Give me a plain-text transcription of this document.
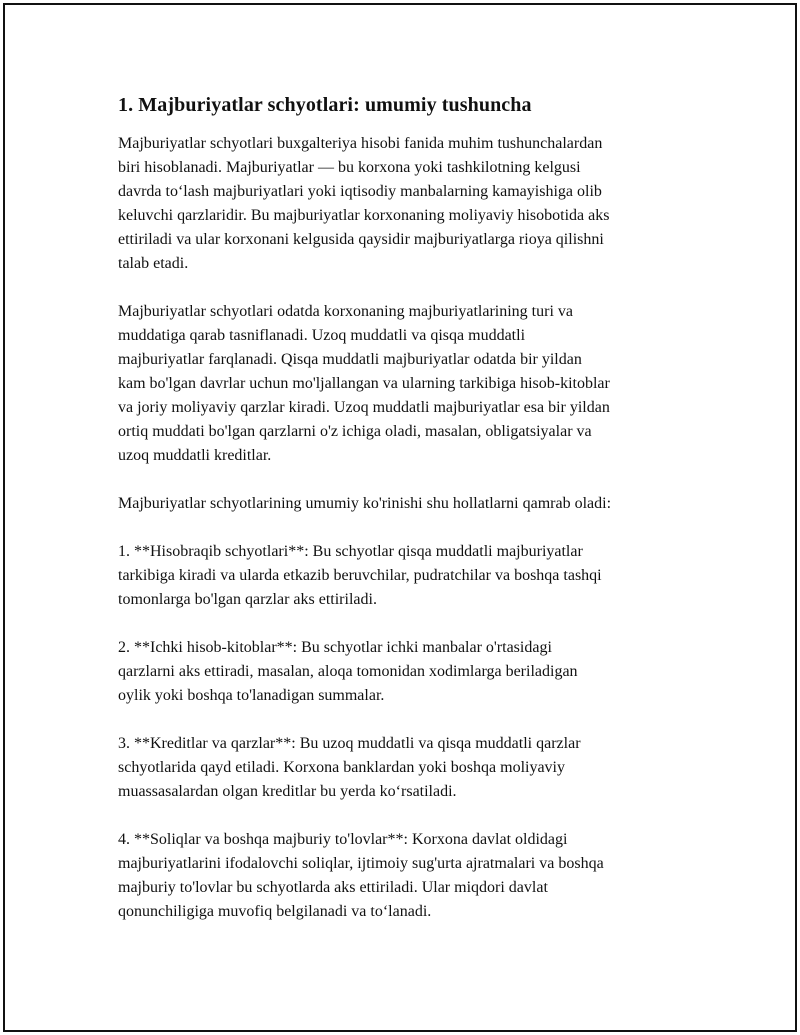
1. Majburiyatlar schyotlari: umumiy tushuncha

Majburiyatlar schyotlari buxgalteriya hisobi fanida muhim tushunchalardan
biri hisoblanadi. Majburiyatlar — bu korxona yoki tashkilotning kelgusi
davrda to‘lash majburiyatlari yoki iqtisodiy manbalarning kamayishiga olib
keluvchi qarzlaridir. Bu majburiyatlar korxonaning moliyaviy hisobotida aks
ettiriladi va ular korxonani kelgusida qaysidir majburiyatlarga rioya qilishni
talab etadi.

Majburiyatlar schyotlari odatda korxonaning majburiyatlarining turi va
muddatiga qarab tasniflanadi. Uzoq muddatli va qisqa muddatli
majburiyatlar farqlanadi. Qisqa muddatli majburiyatlar odatda bir yildan
kam bo'lgan davrlar uchun mo'ljallangan va ularning tarkibiga hisob-kitoblar
va joriy moliyaviy qarzlar kiradi. Uzoq muddatli majburiyatlar esa bir yildan
ortiq muddati bo'lgan qarzlarni o'z ichiga oladi, masalan, obligatsiyalar va
uzoq muddatli kreditlar.

Majburiyatlar schyotlarining umumiy ko'rinishi shu hollatlarni qamrab oladi:

1. **Hisobraqib schyotlari**: Bu schyotlar qisqa muddatli majburiyatlar
tarkibiga kiradi va ularda etkazib beruvchilar, pudratchilar va boshqa tashqi
tomonlarga bo'lgan qarzlar aks ettiriladi.

2. **Ichki hisob-kitoblar**: Bu schyotlar ichki manbalar o'rtasidagi
qarzlarni aks ettiradi, masalan, aloqa tomonidan xodimlarga beriladigan
oylik yoki boshqa to'lanadigan summalar.

3. **Kreditlar va qarzlar**: Bu uzoq muddatli va qisqa muddatli qarzlar
schyotlarida qayd etiladi. Korxona banklardan yoki boshqa moliyaviy
muassasalardan olgan kreditlar bu yerda ko‘rsatiladi.

4. **Soliqlar va boshqa majburiy to'lovlar**: Korxona davlat oldidagi
majburiyatlarini ifodalovchi soliqlar, ijtimoiy sug'urta ajratmalari va boshqa
majburiy to'lovlar bu schyotlarda aks ettiriladi. Ular miqdori davlat
qonunchiligiga muvofiq belgilanadi va to‘lanadi.
